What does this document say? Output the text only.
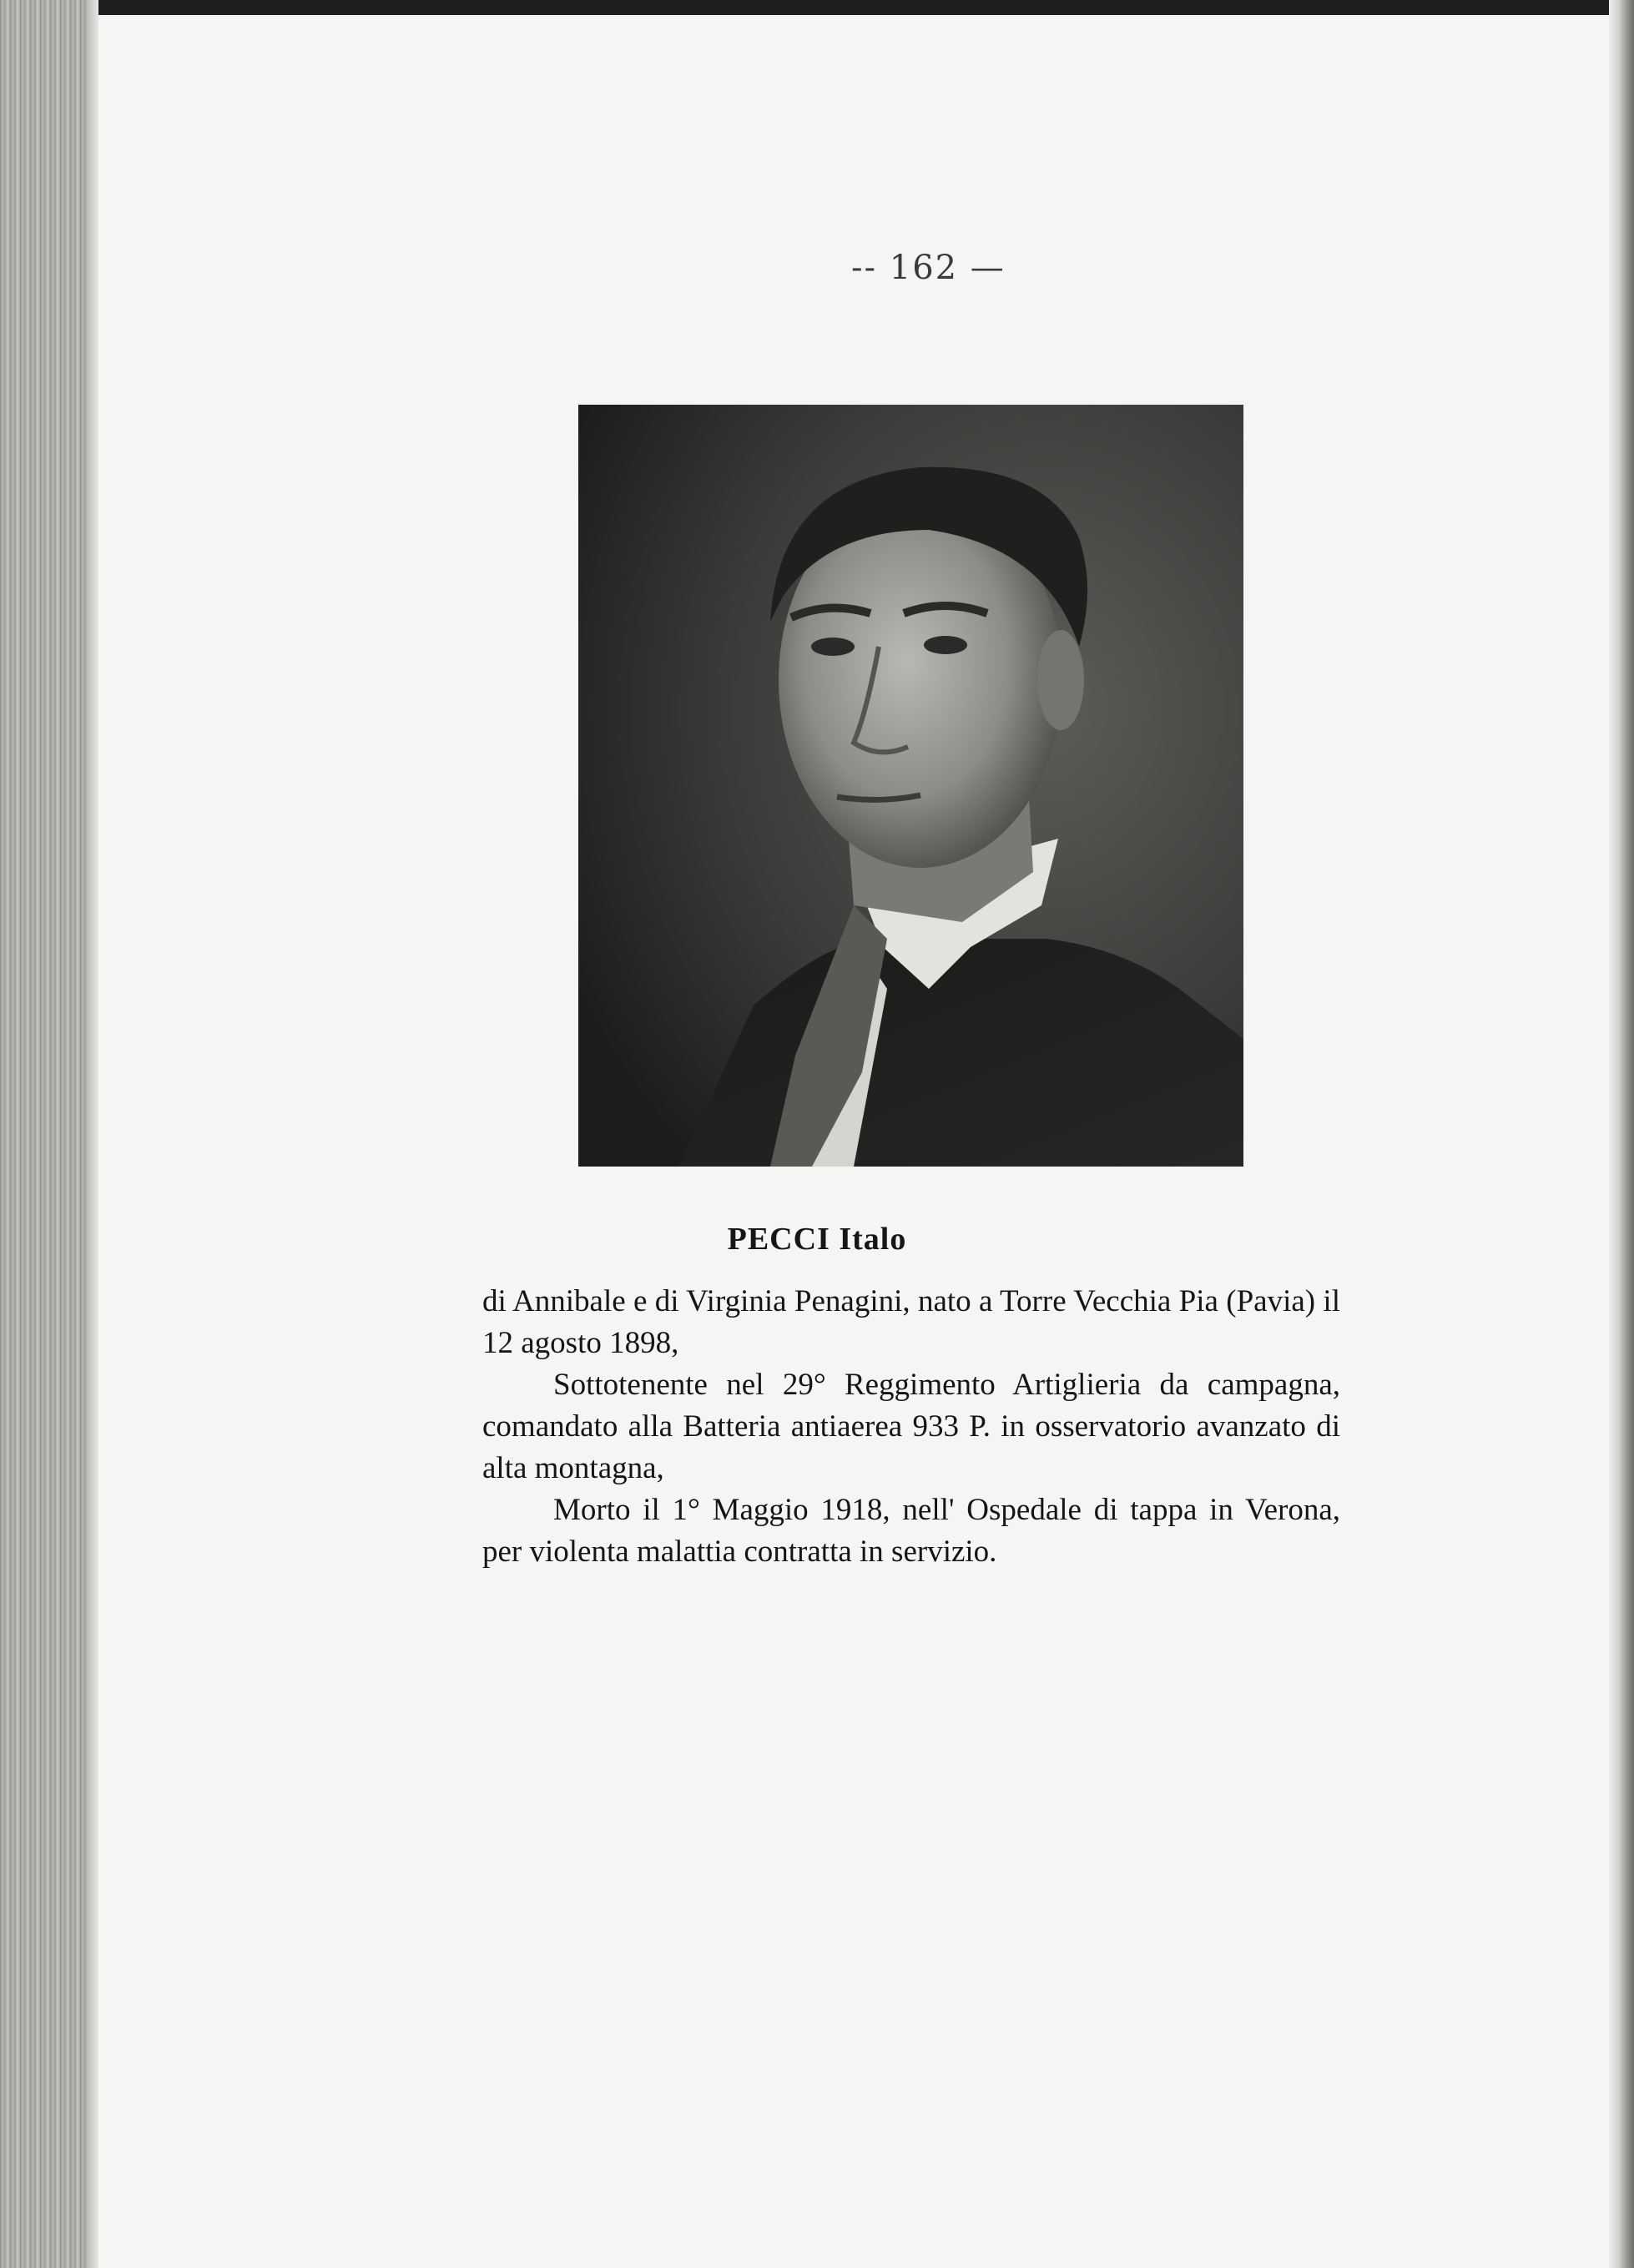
-- 162 —
PECCI Italo

di Annibale e di Virginia Penagini, nato a Torre Vecchia Pia (Pavia) il 12 agosto 1898,

Sottotenente nel 29° Reggimento Artiglieria da campagna, comandato alla Batteria antiaerea 933 P. in osservatorio avanzato di alta montagna,

Morto il 1° Maggio 1918, nell' Ospedale di tappa in Verona, per violenta malattia contratta in servizio.
